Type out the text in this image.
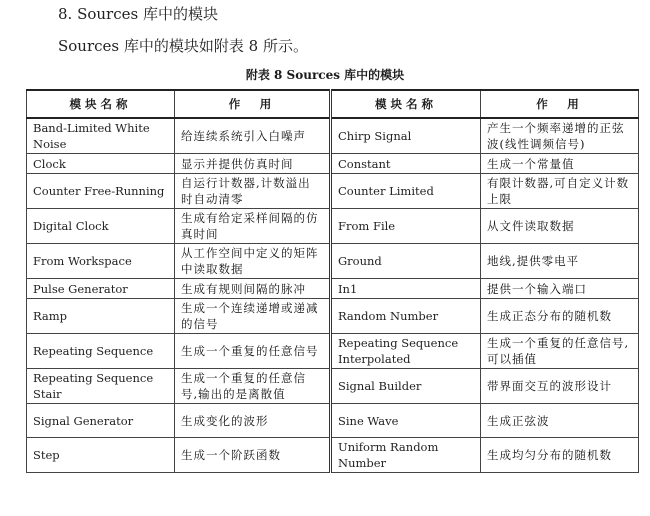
8. Sources 库中的模块
Sources 库中的模块如附表 8 所示。
附表 8 Sources 库中的模块
模块名称	作　用	模块名称	作　用
Band-Limited White Noise	给连续系统引入白噪声	Chirp Signal	产生一个频率递增的正弦波(线性调频信号)
Clock	显示并提供仿真时间	Constant	生成一个常量值
Counter Free-Running	自运行计数器,计数溢出时自动清零	Counter Limited	有限计数器,可自定义计数上限
Digital Clock	生成有给定采样间隔的仿真时间	From File	从文件读取数据
From Workspace	从工作空间中定义的矩阵中读取数据	Ground	地线,提供零电平
Pulse Generator	生成有规则间隔的脉冲	In1	提供一个输入端口
Ramp	生成一个连续递增或递减的信号	Random Number	生成正态分布的随机数
Repeating Sequence	生成一个重复的任意信号	Repeating Sequence Interpolated	生成一个重复的任意信号,可以插值
Repeating Sequence Stair	生成一个重复的任意信号,输出的是离散值	Signal Builder	带界面交互的波形设计
Signal Generator	生成变化的波形	Sine Wave	生成正弦波
Step	生成一个阶跃函数	Uniform Random Number	生成均匀分布的随机数
